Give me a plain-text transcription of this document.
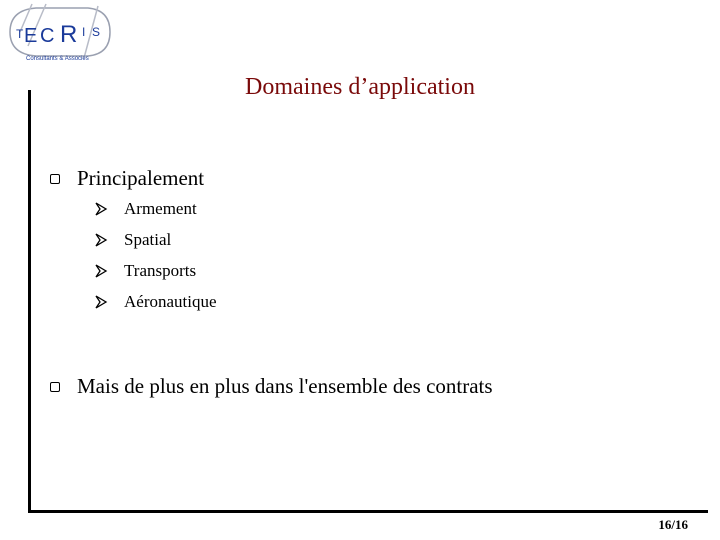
T E C R I S
Consultants & Associés
Domaines d’application
Principalement
Armement
Spatial
Transports
Aéronautique
Mais de plus en plus dans l'ensemble des contrats
16/16
